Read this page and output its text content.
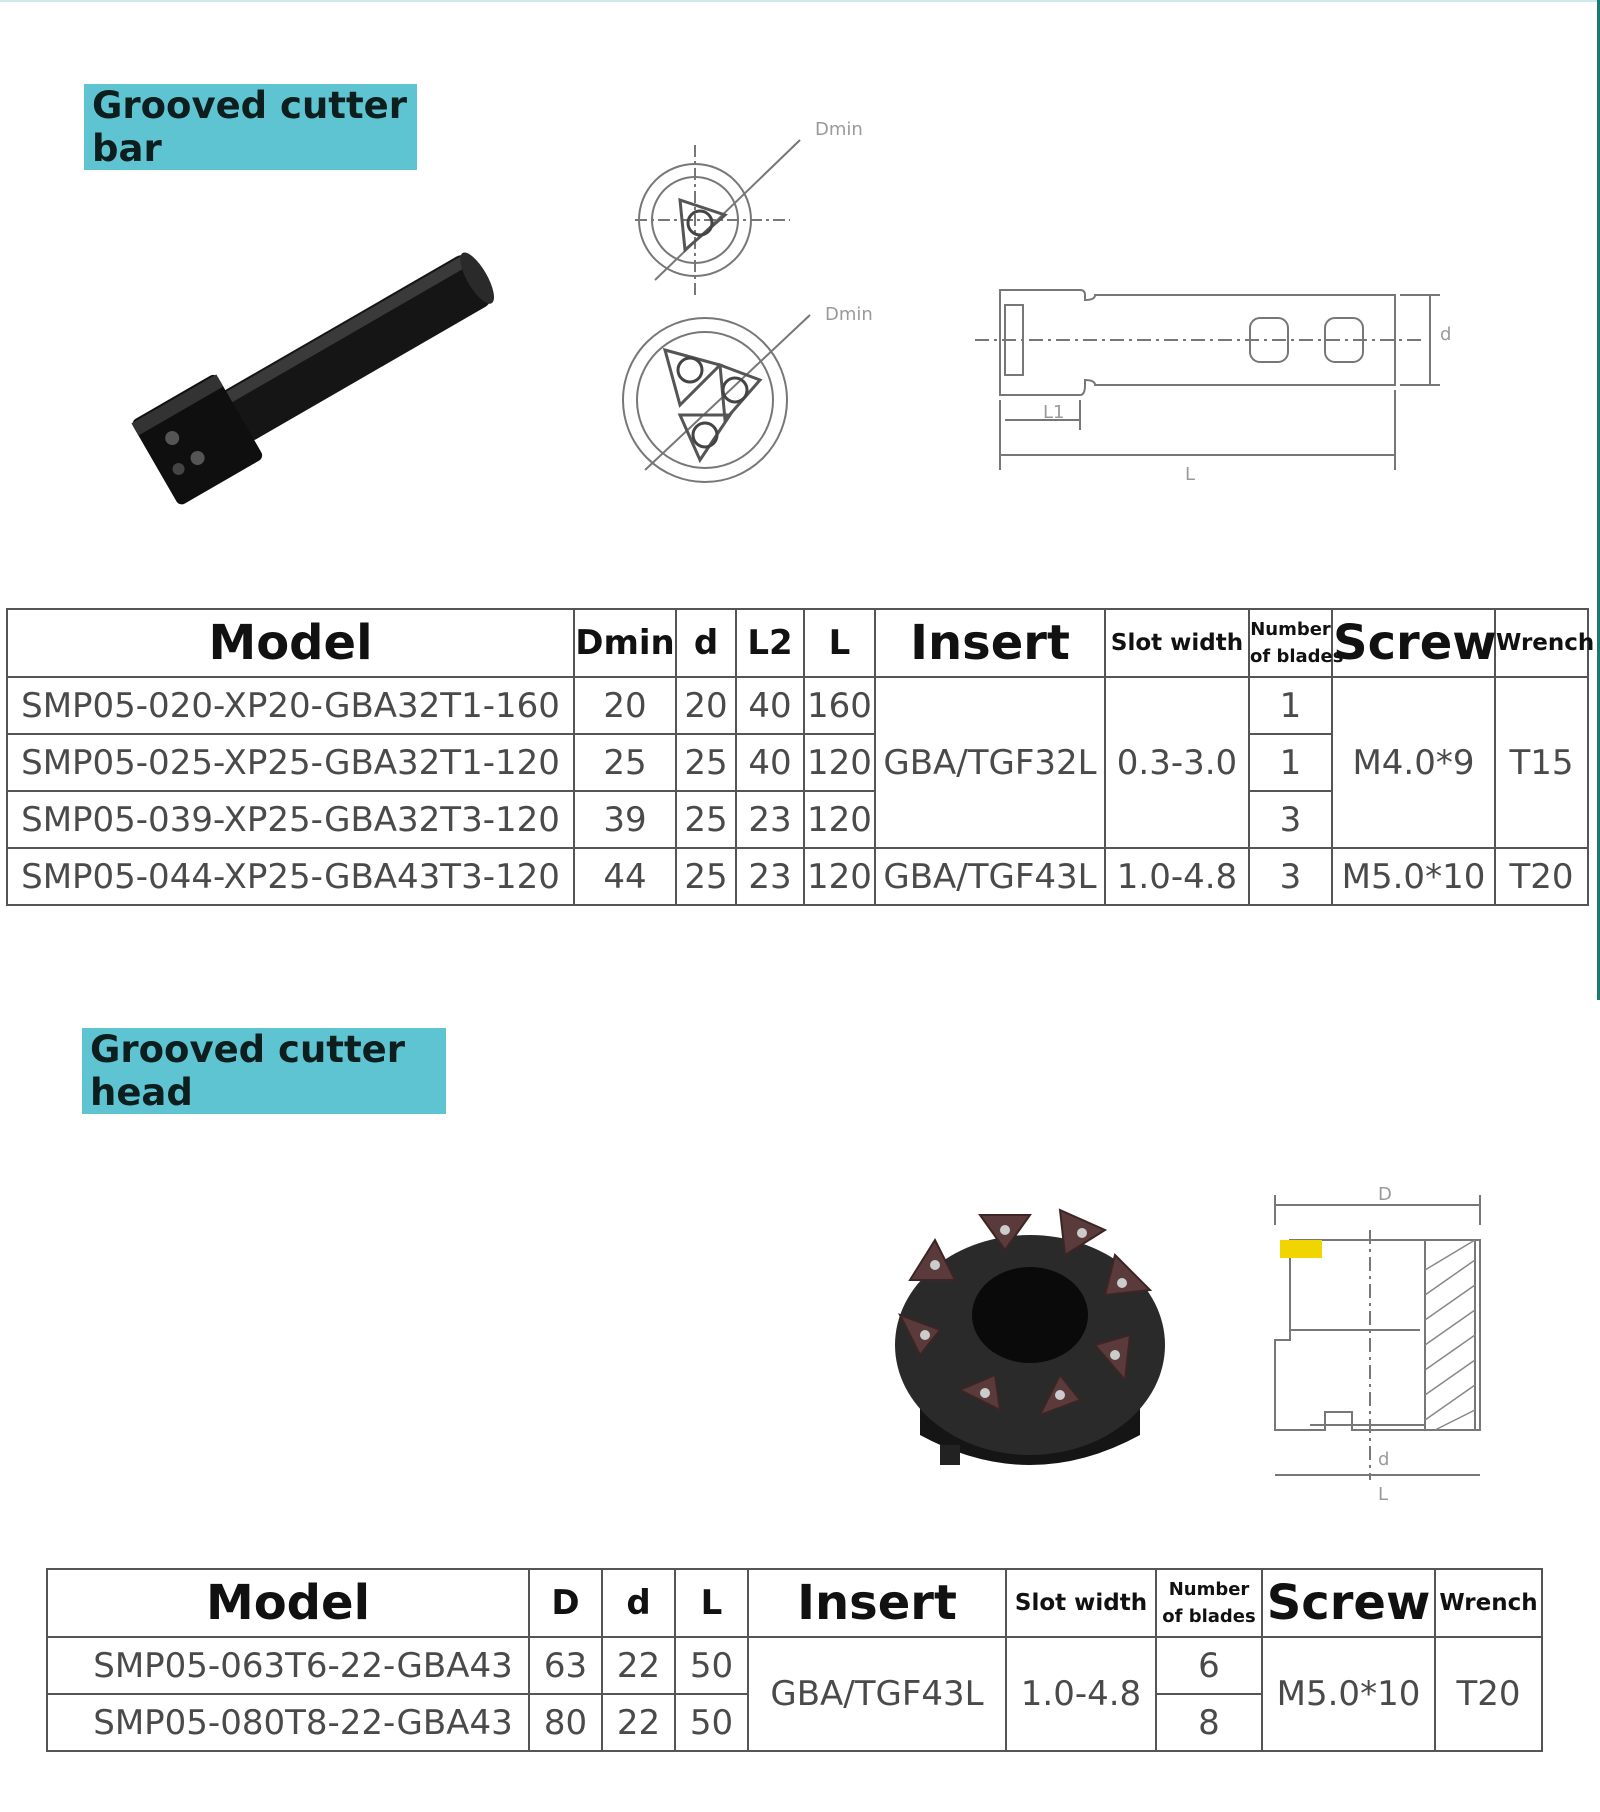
Grooved cutter bar	Dmin
Dmin
d
L1
L
Model	Dmin	d	L2	L	Insert	Slot width	Number
of blades	Screw	Wrench
SMP05-020-XP20-GBA32T1-160	20	20	40	160	GBA/TGF32L	0.3-3.0	1	M4.0*9	T15
SMP05-025-XP25-GBA32T1-120	25	25	40	120			1		
SMP05-039-XP25-GBA32T3-120	39	25	23	120			3		
SMP05-044-XP25-GBA43T3-120	44	25	23	120	GBA/TGF43L	1.0-4.8	3	M5.0*10	T20
Grooved cutter head
D
d
L
Model	D	d	L	Insert	Slot width	Number
of blades	Screw	Wrench
SMP05-063T6-22-GBA43	63	22	50	GBA/TGF43L	1.0-4.8	6	M5.0*10	T20
SMP05-080T8-22-GBA43	80	22	50			8		
